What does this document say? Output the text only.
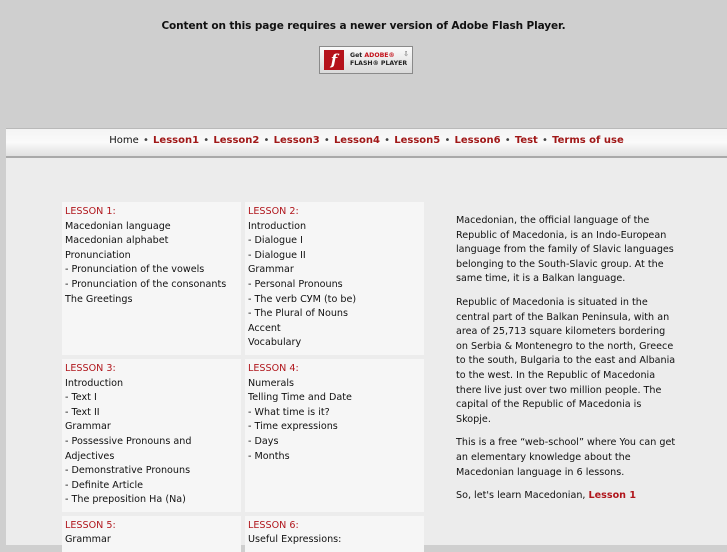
Content on this page requires a newer version of Adobe Flash Player.
f	Get ADOBE®
FLASH® PLAYER
⇩
Home • Lesson1 • Lesson2 • Lesson3 • Lesson4 • Lesson5 • Lesson6 • Test • Terms of use
LESSON 1:
Macedonian language
Macedonian alphabet
Pronunciation
- Pronunciation of the vowels
- Pronunciation of the consonants
The Greetings
LESSON 2:
Introduction
- Dialogue I
- Dialogue II
Grammar
- Personal Pronouns
- The verb СУМ (to be)
- The Plural of Nouns
Accent
Vocabulary
LESSON 3:
Introduction
- Text I
- Text II
Grammar
- Possessive Pronouns and Adjectives
- Demonstrative Pronouns
- Definite Article
- The preposition На (Na)
LESSON 4:
Numerals
Telling Time and Date
- What time is it?
- Time expressions
- Days
- Months
LESSON 5:
Grammar
LESSON 6:
Useful Expressions:

Macedonian, the official language of the Republic of Macedonia, is an Indo-European language from the family of Slavic languages belonging to the South-Slavic group. At the same time, it is a Balkan language.

Republic of Macedonia is situated in the central part of the Balkan Peninsula, with an area of 25,713 square kilometers bordering on Serbia & Montenegro to the north, Greece to the south, Bulgaria to the east and Albania to the west. In the Republic of Macedonia there live just over two million people. The capital of the Republic of Macedonia is Skopje.

This is a free “web-school” where You can get an elementary knowledge about the Macedonian language in 6 lessons.

So, let's learn Macedonian, Lesson 1
